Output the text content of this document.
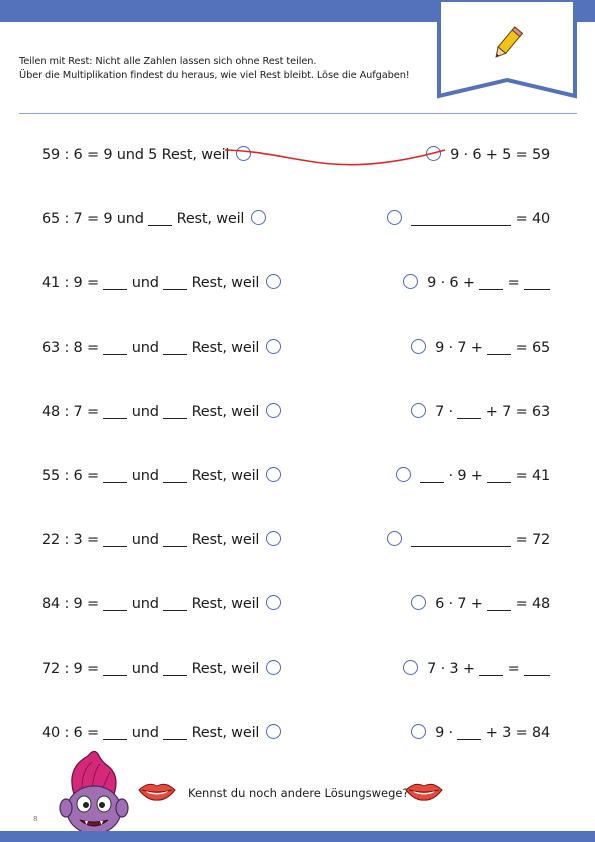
Teilen mit Rest: Nicht alle Zahlen lassen sich ohne Rest teilen.

Über die Multiplikation findest du heraus, wie viel Rest bleibt. Löse die Aufgaben!

59 : 6 = 9 und 5 Rest, weil	9 · 6 + 5 = 59
65 : 7 = 9 und  Rest, weil	= 40
41 : 9 =  und  Rest, weil	9 · 6 +  =
63 : 8 =  und  Rest, weil	9 · 7 +  = 65
48 : 7 =  und  Rest, weil	7 ·  + 7 = 63
55 : 6 =  und  Rest, weil	· 9 +  = 41
22 : 3 =  und  Rest, weil	= 72
84 : 9 =  und  Rest, weil	6 · 7 +  = 48
72 : 9 =  und  Rest, weil	7 · 3 +  =
40 : 6 =  und  Rest, weil	9 ·  + 3 = 84
Kennst du noch andere Lösungswege?
8
